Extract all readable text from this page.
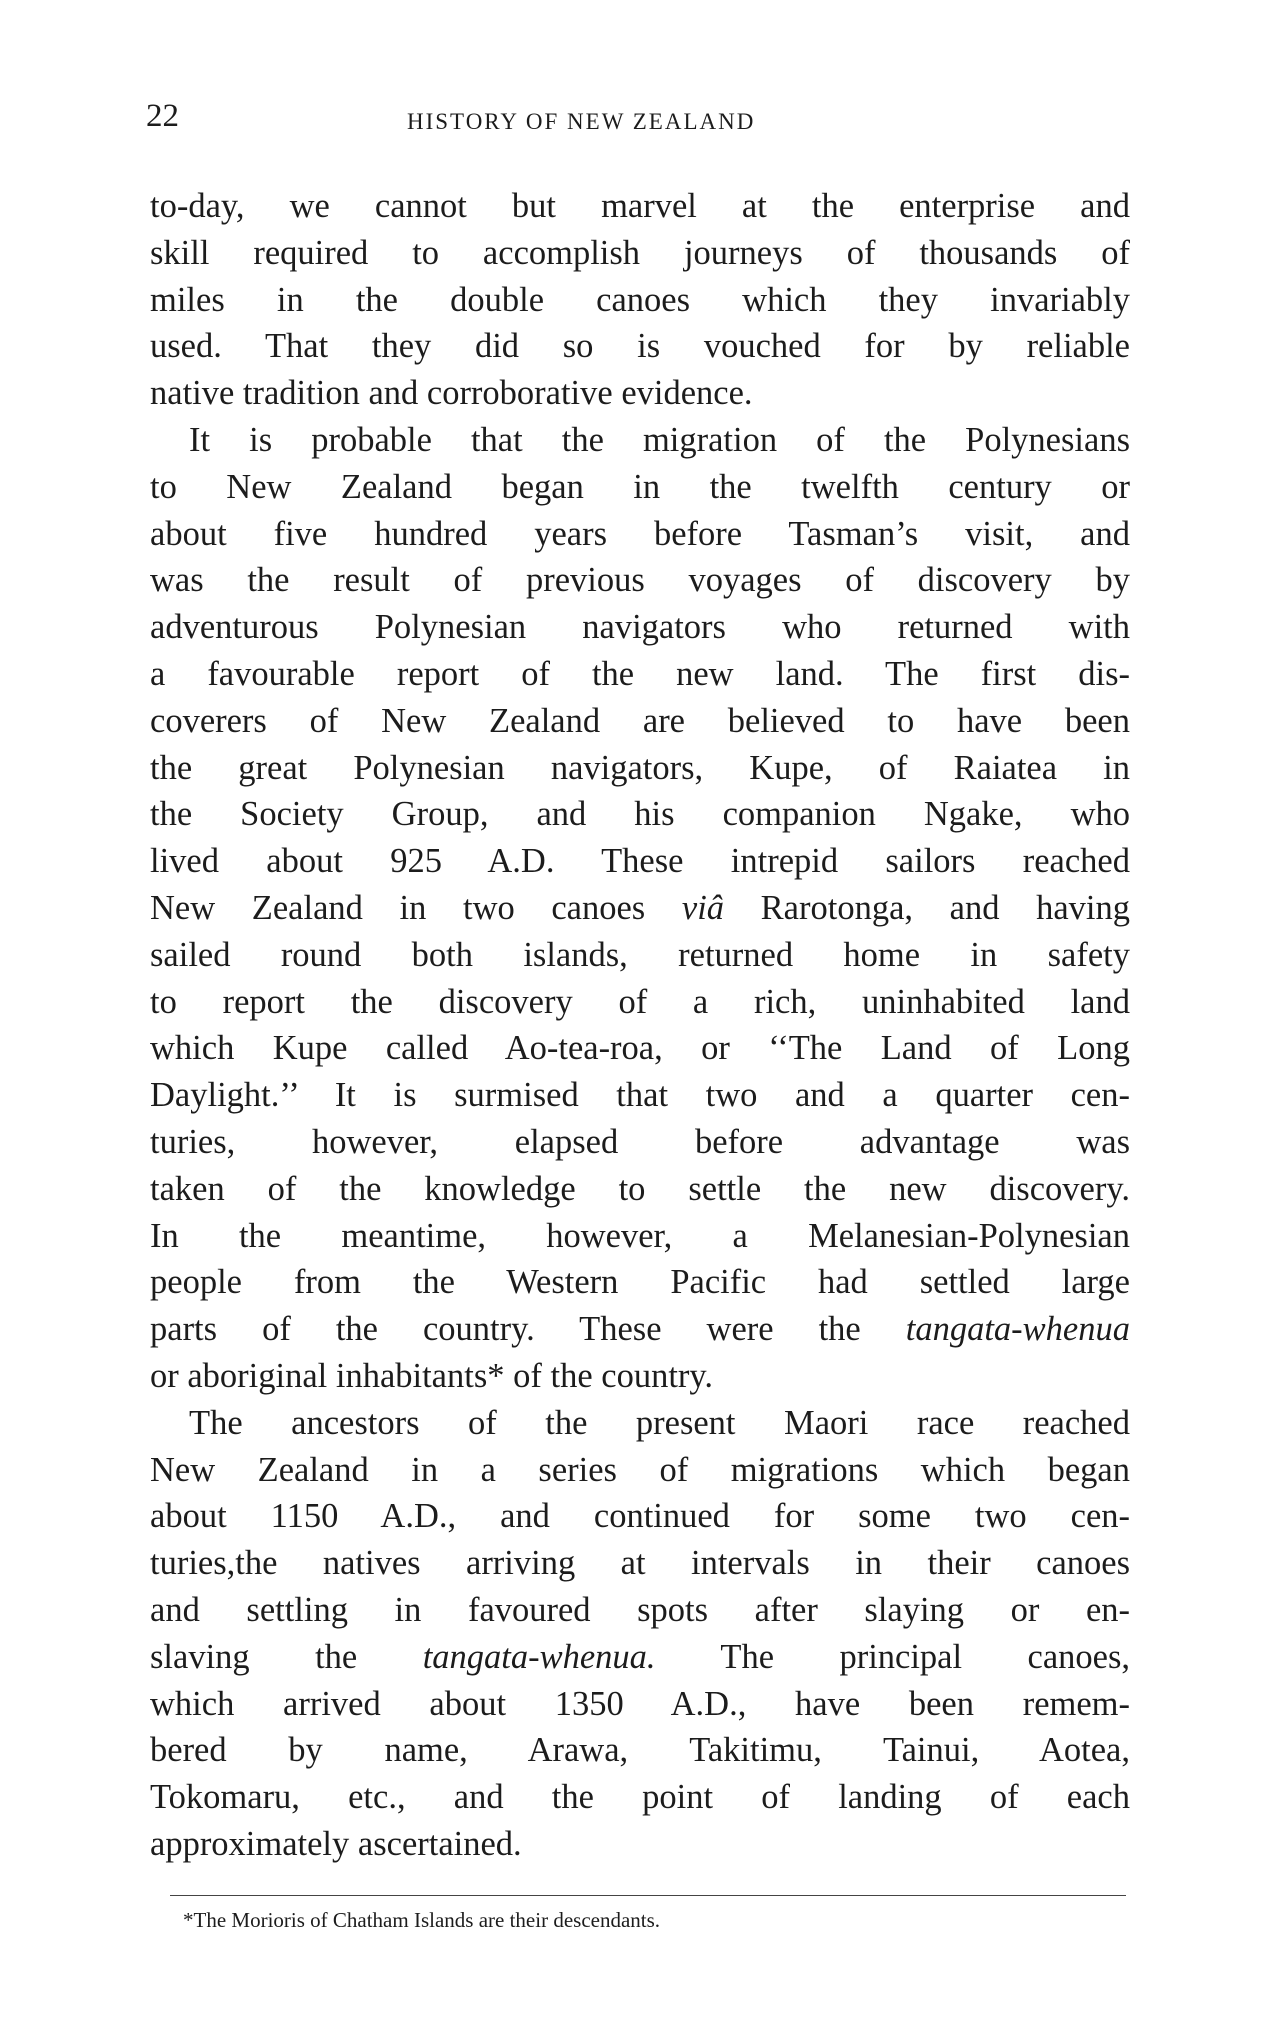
22	HISTORY OF NEW ZEALAND
to-day, we cannot but marvel at the enterprise and
skill required to accomplish journeys of thousands of
miles in the double canoes which they invariably
used. That they did so is vouched for by reliable
native tradition and corroborative evidence.
It is probable that the migration of the Polynesians
to New Zealand began in the twelfth century or
about five hundred years before Tasman’s visit, and
was the result of previous voyages of discovery by
adventurous Polynesian navigators who returned with
a favourable report of the new land. The first dis-
coverers of New Zealand are believed to have been
the great Polynesian navigators, Kupe, of Raiatea in
the Society Group, and his companion Ngake, who
lived about 925 A.D. These intrepid sailors reached
New Zealand in two canoes viâ Rarotonga, and having
sailed round both islands, returned home in safety
to report the discovery of a rich, uninhabited land
which Kupe called Ao-tea-roa, or ‘‘The Land of Long
Daylight.’’ It is surmised that two and a quarter cen-
turies, however, elapsed before advantage was
taken of the knowledge to settle the new discovery.
In the meantime, however, a Melanesian-Polynesian
people from the Western Pacific had settled large
parts of the country. These were the tangata-whenua
or aboriginal inhabitants* of the country.
The ancestors of the present Maori race reached
New Zealand in a series of migrations which began
about 1150 A.D., and continued for some two cen-
turies,the natives arriving at intervals in their canoes
and settling in favoured spots after slaying or en-
slaving the tangata-whenua. The principal canoes,
which arrived about 1350 A.D., have been remem-
bered by name, Arawa, Takitimu, Tainui, Aotea,
Tokomaru, etc., and the point of landing of each
approximately ascertained.
*The Morioris of Chatham Islands are their descendants.
